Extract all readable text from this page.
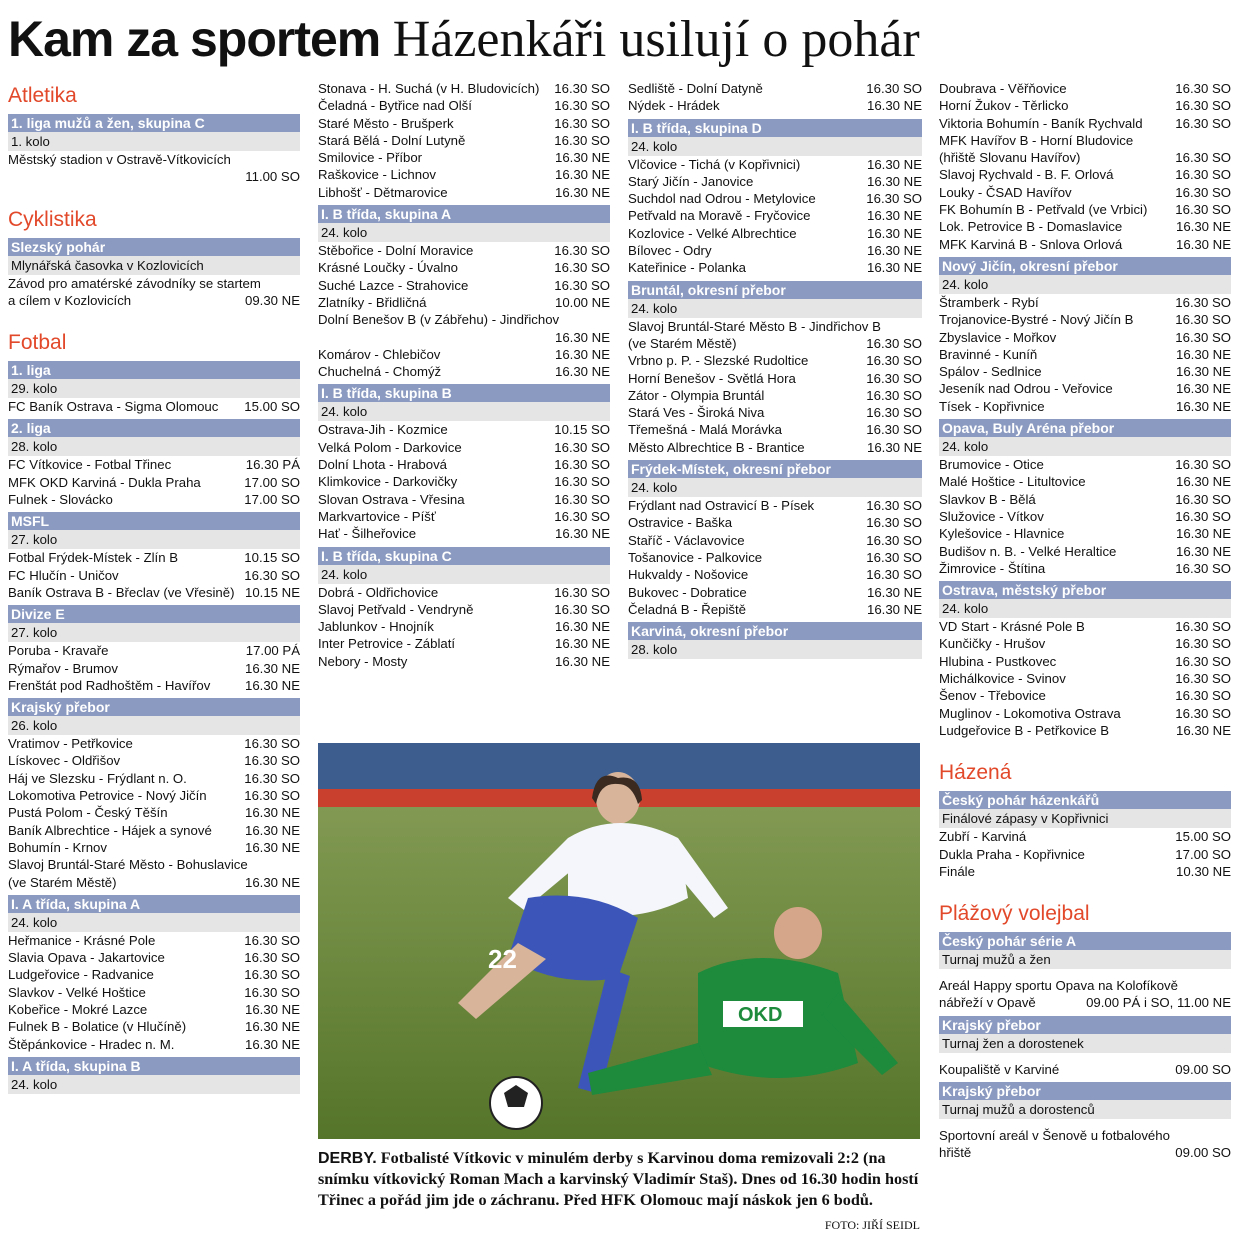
Kam za sportem Házenkáři usilují o pohár
Atletika
1. liga mužů a žen, skupina C
1. kolo
Městský stadion v Ostravě-Vítkovicích
11.00 SO
Cyklistika
Slezský pohár
Mlynářská časovka v Kozlovicích
Závod pro amatérské závodníky se startem
a cílem v Kozlovicích	09.30 NE
Fotbal
1. liga
29. kolo
FC Baník Ostrava - Sigma Olomouc 15.00 SO
2. liga
28. kolo
FC Vítkovice - Fotbal Třinec	16.30 PÁ
MFK OKD Karviná - Dukla Praha	17.00 SO
Fulnek - Slovácko	17.00 SO
MSFL
27. kolo
Fotbal Frýdek-Místek - Zlín B	10.15 SO
FC Hlučín - Uničov	16.30 SO
Baník Ostrava B - Břeclav (ve Vřesině) 10.15 NE
Divize E
27. kolo
Poruba - Kravaře	17.00 PÁ
Rýmařov - Brumov	16.30 NE
Frenštát pod Radhoštěm - Havířov	16.30 NE
Krajský přebor
26. kolo
Vratimov - Petřkovice	16.30 SO
Lískovec - Oldřišov	16.30 SO
Háj ve Slezsku - Frýdlant n. O.	16.30 SO
Lokomotiva Petrovice - Nový Jičín	16.30 SO
Pustá Polom - Český Těšín	16.30 NE
Baník Albrechtice - Hájek a synové	16.30 NE
Bohumín - Krnov	16.30 NE
Slavoj Bruntál-Staré Město - Bohuslavice
(ve Starém Městě)	16.30 NE
I. A třída, skupina A
24. kolo
Heřmanice - Krásné Pole	16.30 SO
Slavia Opava - Jakartovice	16.30 SO
Ludgeřovice - Radvanice	16.30 SO
Slavkov - Velké Hoštice	16.30 SO
Kobeřice - Mokré Lazce	16.30 NE
Fulnek B - Bolatice (v Hlučíně)	16.30 NE
Štěpánkovice - Hradec n. M.	16.30 NE
I. A třída, skupina B
24. kolo
Stonava - H. Suchá (v H. Bludovicích) 16.30 SO
Čeladná - Bytřice nad Olší	16.30 SO
Staré Město - Brušperk	16.30 SO
Stará Bělá - Dolní Lutyně	16.30 SO
Smilovice - Příbor	16.30 NE
Raškovice - Lichnov	16.30 NE
Libhošť - Dětmarovice	16.30 NE
I. B třída, skupina A
24. kolo
Stěbořice - Dolní Moravice	16.30 SO
Krásné Loučky - Úvalno	16.30 SO
Suché Lazce - Strahovice	16.30 SO
Zlatníky - Břidličná	10.00 NE
Dolní Benešov B (v Zábřehu) - Jindřichov
16.30 NE
Komárov - Chlebičov	16.30 NE
Chuchelná - Chomýž	16.30 NE
I. B třída, skupina B
24. kolo
Ostrava-Jih - Kozmice	10.15 SO
Velká Polom - Darkovice	16.30 SO
Dolní Lhota - Hrabová	16.30 SO
Klimkovice - Darkovičky	16.30 SO
Slovan Ostrava - Vřesina	16.30 SO
Markvartovice - Píšť	16.30 SO
Hať - Šilheřovice	16.30 NE
I. B třída, skupina C
24. kolo
Dobrá - Oldřichovice	16.30 SO
Slavoj Petřvald - Vendryně	16.30 SO
Jablunkov - Hnojník	16.30 NE
Inter Petrovice - Záblatí	16.30 NE
Nebory - Mosty	16.30 NE
Sedliště - Dolní Datyně	16.30 SO
Nýdek - Hrádek	16.30 NE
I. B třída, skupina D
24. kolo
Vlčovice - Tichá (v Kopřivnici)	16.30 NE
Starý Jičín - Janovice	16.30 NE
Suchdol nad Odrou - Metylovice	16.30 SO
Petřvald na Moravě - Fryčovice	16.30 NE
Kozlovice - Velké Albrechtice	16.30 NE
Bílovec - Odry	16.30 NE
Kateřinice - Polanka	16.30 NE
Bruntál, okresní přebor
24. kolo
Slavoj Bruntál-Staré Město B - Jindřichov B
(ve Starém Městě)	16.30 SO
Vrbno p. P. - Slezské Rudoltice	16.30 SO
Horní Benešov - Světlá Hora	16.30 SO
Zátor - Olympia Bruntál	16.30 SO
Stará Ves - Široká Niva	16.30 SO
Třemešná - Malá Morávka	16.30 SO
Město Albrechtice B - Brantice	16.30 NE
Frýdek-Místek, okresní přebor
24. kolo
Frýdlant nad Ostravicí B - Písek	16.30 SO
Ostravice - Baška	16.30 SO
Staříč - Václavovice	16.30 SO
Tošanovice - Palkovice	16.30 SO
Hukvaldy - Nošovice	16.30 SO
Bukovec - Dobratice	16.30 NE
Čeladná B - Řepiště	16.30 NE
Karviná, okresní přebor
28. kolo
Doubrava - Věřňovice	16.30 SO
Horní Žukov - Těrlicko	16.30 SO
Viktoria Bohumín - Baník Rychvald 16.30 SO
MFK Havířov B - Horní Bludovice
(hřiště Slovanu Havířov)	16.30 SO
Slavoj Rychvald - B. F. Orlová	16.30 SO
Louky - ČSAD Havířov	16.30 SO
FK Bohumín B - Petřvald (ve Vrbici) 16.30 SO
Lok. Petrovice B - Domaslavice	16.30 NE
MFK Karviná B - Snlova Orlová	16.30 NE
Nový Jičín, okresní přebor
24. kolo
Štramberk - Rybí	16.30 SO
Trojanovice-Bystré - Nový Jičín B	16.30 SO
Zbyslavice - Mořkov	16.30 SO
Bravinné - Kuníň	16.30 NE
Spálov - Sedlnice	16.30 NE
Jeseník nad Odrou - Veřovice	16.30 NE
Tísek - Kopřivnice	16.30 NE
Opava, Buly Aréna přebor
24. kolo
Brumovice - Otice	16.30 SO
Malé Hoštice - Litultovice	16.30 NE
Slavkov B - Bělá	16.30 SO
Služovice - Vítkov	16.30 SO
Kylešovice - Hlavnice	16.30 NE
Budišov n. B. - Velké Heraltice	16.30 NE
Žimrovice - Štítina	16.30 SO
Ostrava, městský přebor
24. kolo
VD Start - Krásné Pole B	16.30 SO
Kunčičky - Hrušov	16.30 SO
Hlubina - Pustkovec	16.30 SO
Michálkovice - Svinov	16.30 SO
Šenov - Třebovice	16.30 SO
Muglinov - Lokomotiva Ostrava	16.30 SO
Ludgeřovice B - Petřkovice B	16.30 NE
Házená
Český pohár házenkářů
Finálové zápasy v Kopřivnici
Zubří - Karviná	15.00 SO
Dukla Praha - Kopřivnice	17.00 SO
Finále	10.30 NE
Plážový volejbal
Český pohár série A
Turnaj mužů a žen
Areál Happy sportu Opava na Kolofíkově
nábřeží v Opavě	09.00 PÁ i SO, 11.00 NE
Krajský přebor
Turnaj žen a dorostenek
Koupaliště v Karviné	09.00 SO
Krajský přebor
Turnaj mužů a dorostenců
Sportovní areál v Šenově u fotbalového
hřiště	09.00 SO
22
OKD
DERBY. Fotbalisté Vítkovic v minulém derby s Karvinou doma remizovali 2:2 (na snímku vítkovický Roman Mach a karvinský Vladimír Staš). Dnes od 16.30 hodin hostí Třinec a pořád jim jde o záchranu. Před HFK Olomouc mají náskok jen 6 bodů.
FOTO: JIŘÍ SEIDL
